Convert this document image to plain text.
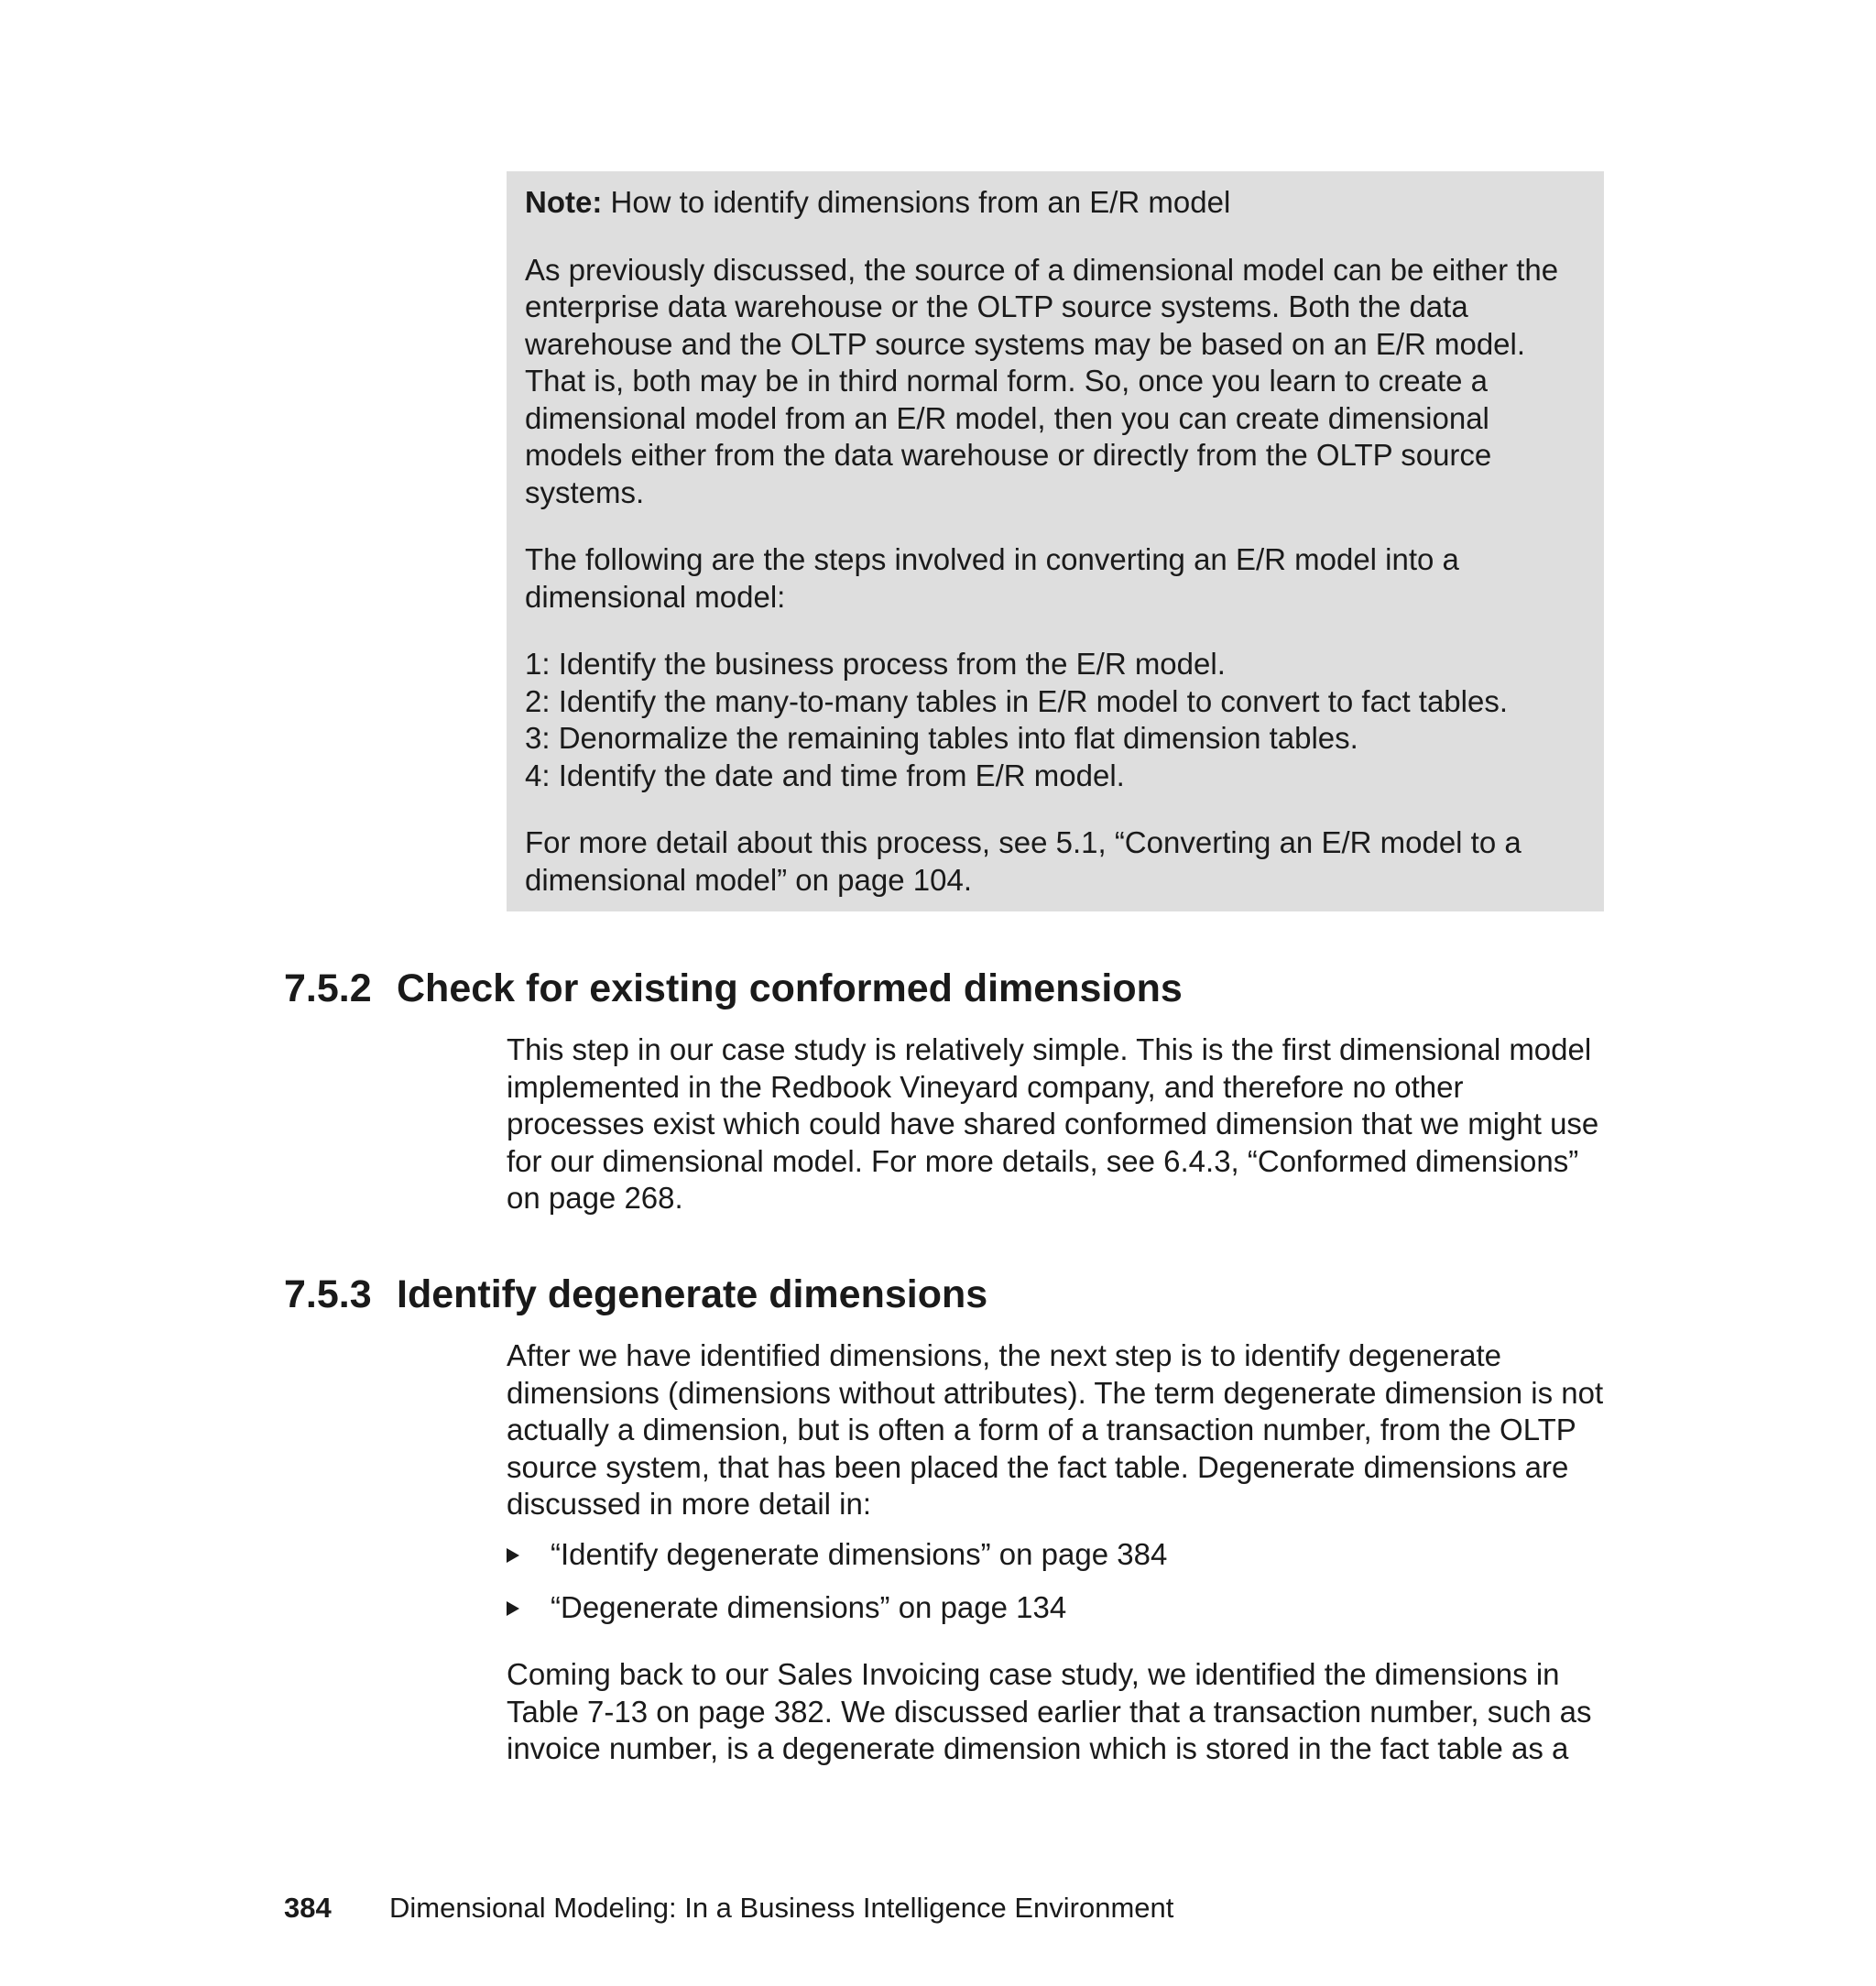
Note: How to identify dimensions from an E/R model

As previously discussed, the source of a dimensional model can be either the enterprise data warehouse or the OLTP source systems. Both the data warehouse and the OLTP source systems may be based on an E/R model. That is, both may be in third normal form. So, once you learn to create a dimensional model from an E/R model, then you can create dimensional models either from the data warehouse or directly from the OLTP source systems.

The following are the steps involved in converting an E/R model into a dimensional model:

1: Identify the business process from the E/R model.
2: Identify the many-to-many tables in E/R model to convert to fact tables.
3: Denormalize the remaining tables into flat dimension tables.
4: Identify the date and time from E/R model.

For more detail about this process, see 5.1, “Converting an E/R model to a dimensional model” on page 104.

7.5.2 Check for existing conformed dimensions

This step in our case study is relatively simple. This is the first dimensional model implemented in the Redbook Vineyard company, and therefore no other processes exist which could have shared conformed dimension that we might use for our dimensional model. For more details, see 6.4.3, “Conformed dimensions” on page 268.

7.5.3 Identify degenerate dimensions

After we have identified dimensions, the next step is to identify degenerate dimensions (dimensions without attributes). The term degenerate dimension is not actually a dimension, but is often a form of a transaction number, from the OLTP source system, that has been placed the fact table. Degenerate dimensions are discussed in more detail in:

“Identify degenerate dimensions” on page 384
“Degenerate dimensions” on page 134

Coming back to our Sales Invoicing case study, we identified the dimensions in Table 7-13 on page 382. We discussed earlier that a transaction number, such as invoice number, is a degenerate dimension which is stored in the fact table as a

384 Dimensional Modeling: In a Business Intelligence Environment
